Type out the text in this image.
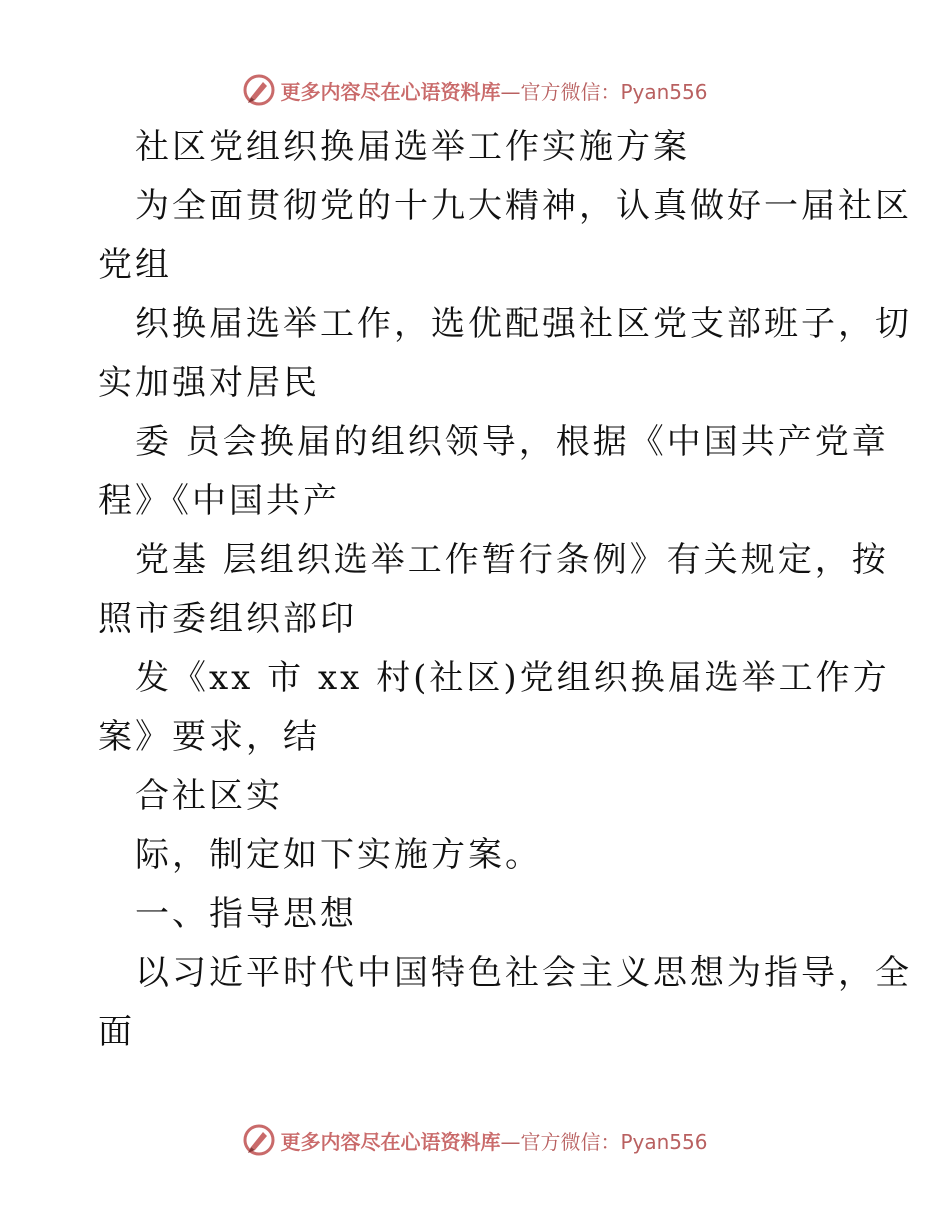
更多内容尽在心语资料库—官方微信：Pyan556
社区党组织换届选举工作实施方案
为全面贯彻党的十九大精神，认真做好一届社区
党组
织换届选举工作，选优配强社区党支部班子，切
实加强对居民
委 员会换届的组织领导，根据《中国共产党章
程》《中国共产
党基 层组织选举工作暂行条例》有关规定，按
照市委组织部印
发《xx 市 xx 村(社区)党组织换届选举工作方
案》要求，结
合社区实
际，制定如下实施方案。
一、指导思想
以习近平时代中国特色社会主义思想为指导，全
面
更多内容尽在心语资料库—官方微信：Pyan556
